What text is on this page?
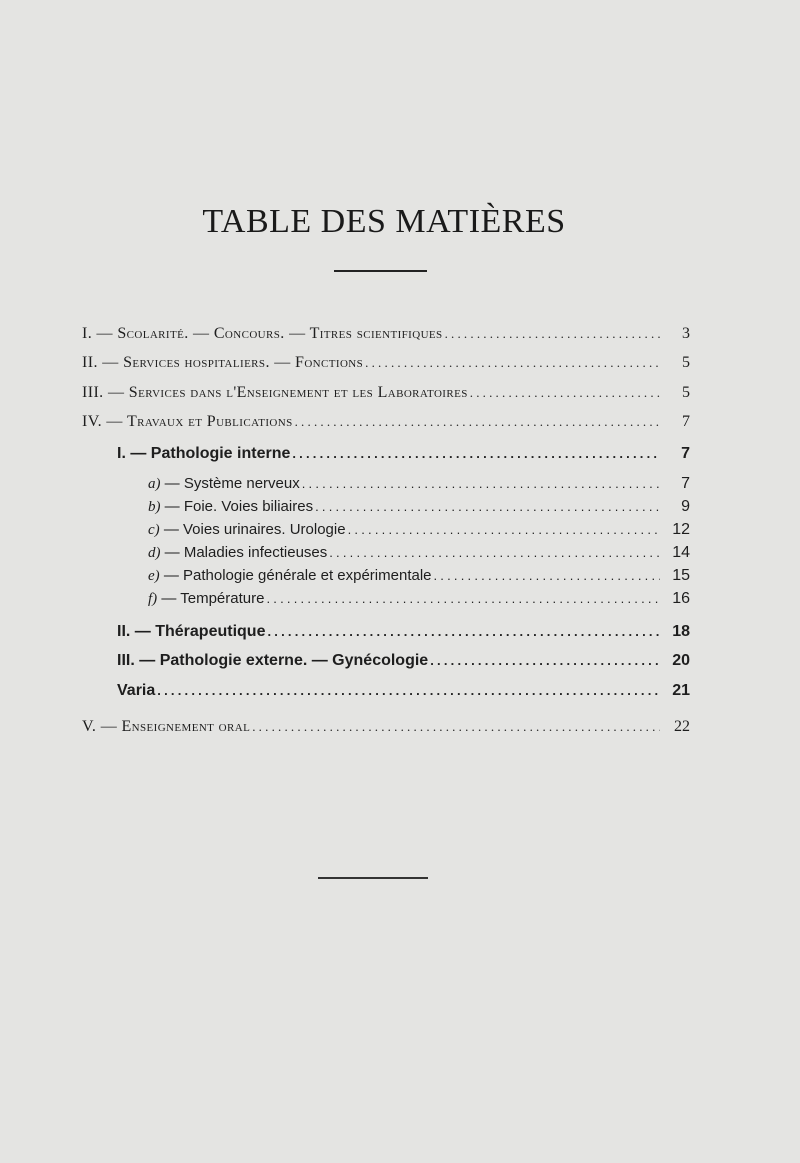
TABLE DES MATIÈRES
I. — Scolarité. — Concours. — Titres scientifiques .....	3
II. — Services hospitaliers. — Fonctions .....	5
III. — Services dans l'Enseignement et les Laboratoires .....	5
IV. — Travaux et Publications .....	7
I. — Pathologie interne .....	7
a) — Système nerveux .....	7
b) — Foie. Voies biliaires .....	9
c) — Voies urinaires. Urologie .....	12
d) — Maladies infectieuses .....	14
e) — Pathologie générale et expérimentale .....	15
f) — Température .....	16
II. — Thérapeutique .....	18
III. — Pathologie externe. — Gynécologie .....	20
Varia .....	21
V. — Enseignement oral .....	22
